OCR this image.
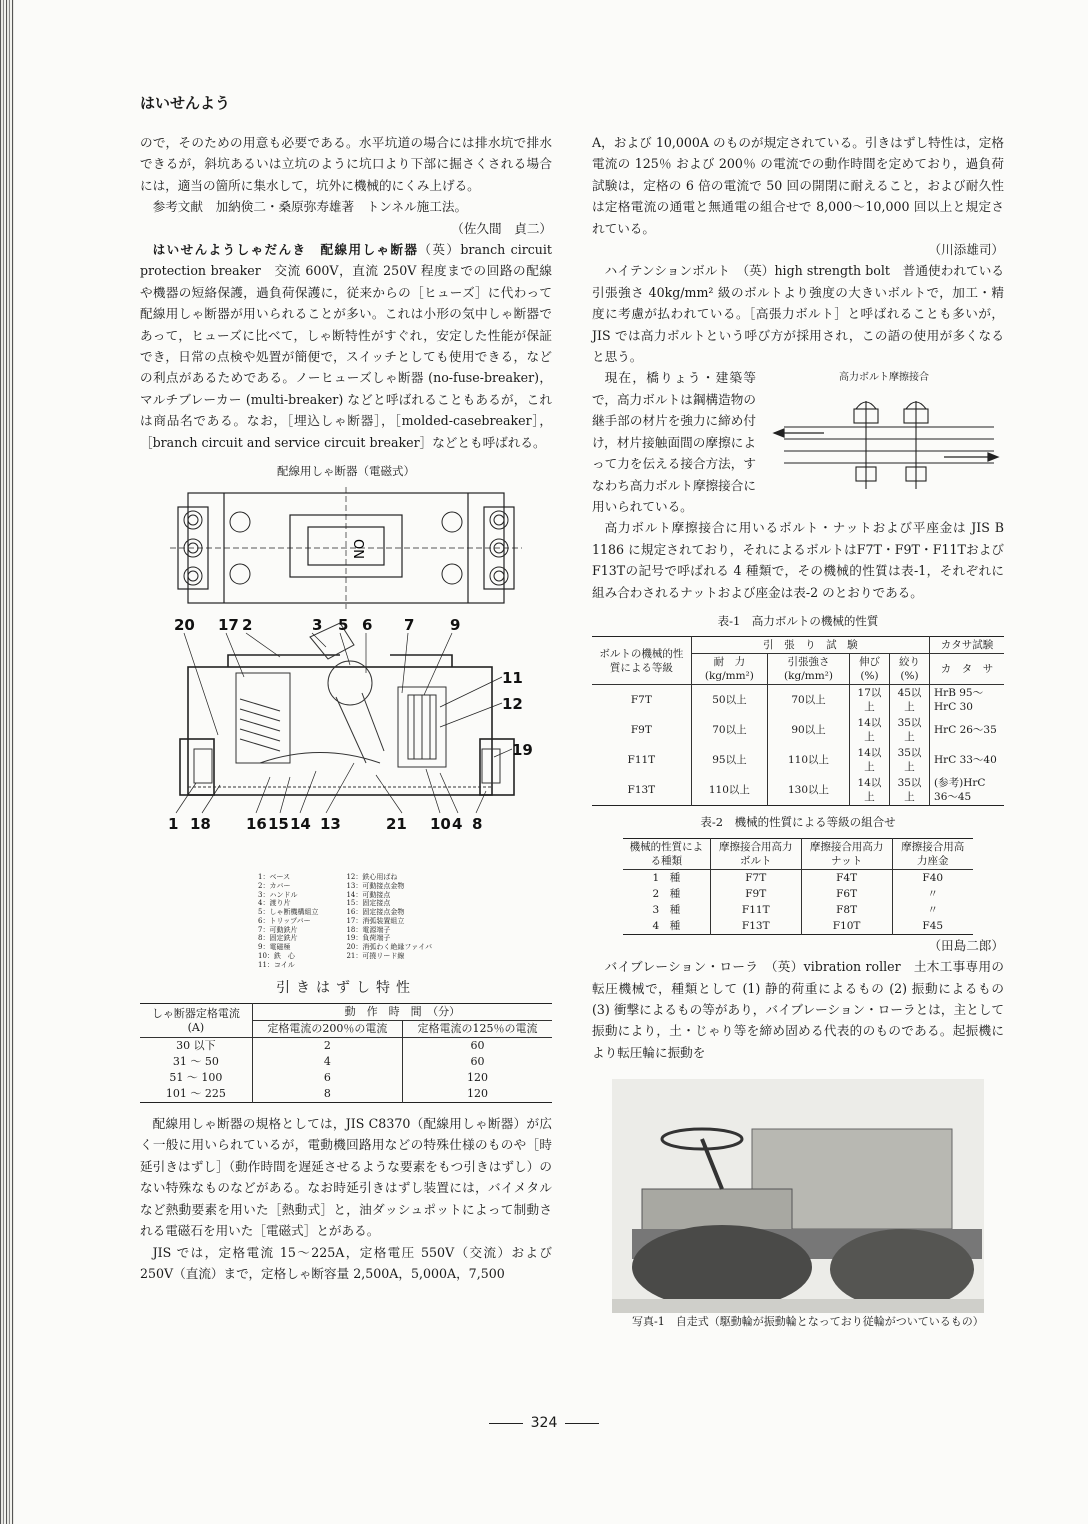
はいせんよう

ので，そのための用意も必要である。水平坑道の場合には排水坑で排水できるが，斜坑あるいは立坑のように坑口より下部に掘さくされる場合には，適当の箇所に集水して，坑外に機械的にくみ上げる。

参考文献　加納倹二・桑原弥寿雄著　トンネル施工法。

（佐久間　貞二）

はいせんようしゃだんき　配線用しゃ断器（英）branch circuit protection breaker　交流 600V，直流 250V 程度までの回路の配線や機器の短絡保護，過負荷保護に，従来からの［ヒューズ］に代わって配線用しゃ断器が用いられることが多い。これは小形の気中しゃ断器であって，ヒューズに比べて，しゃ断特性がすぐれ，安定した性能が保証でき，日常の点検や処置が簡便で，スイッチとしても使用できる，などの利点があるためである。ノーヒューズしゃ断器 (no-fuse-breaker)，マルチブレーカー (multi-breaker) などと呼ばれることもあるが，これは商品名である。なお，［埋込しゃ断器］，［molded-casebreaker］，［branch circuit and service circuit breaker］などとも呼ばれる。

配線用しゃ断器（電磁式）
ON
20 17 2	3 5 6 7 9
11
12
19
1 18 16 15 14 13	21 10 4 8
1：ベース
2：カバー
3：ハンドル
4：渡り片
5：しゃ断機構組立
6：トリップバー
7：可動鉄片
8：固定鉄片
9：電磁極
10：鉄　心
11：コイル
12：鉄心用ばね
13：可動接点金物
14：可動接点
15：固定接点
16：固定接点金物
17：消弧装置組立
18：電源端子
19：負荷端子
20：消弧わく絶縁ファイバ
21：可撓リード線
引きはずし特性
しゃ断器定格電流
(A)	動　作　時　間　（分）	
	定格電流の200％の電流	定格電流の125％の電流
30 以下	2	60
31 ～ 50	4	60
51 ～ 100	6	120
101 ～ 225	8	120

配線用しゃ断器の規格としては，JIS C8370（配線用しゃ断器）が広く一般に用いられているが，電動機回路用などの特殊仕様のものや［時延引きはずし］（動作時間を遅延させるような要素をもつ引きはずし）のない特殊なものなどがある。なお時延引きはずし装置には，バイメタルなど熱動要素を用いた［熱動式］と，油ダッシュポットによって制動される電磁石を用いた［電磁式］とがある。

JIS では，定格電流 15～225A，定格電圧 550V（交流）および 250V（直流）まで，定格しゃ断容量 2,500A，5,000A，7,500

A，および 10,000A のものが規定されている。引きはずし特性は，定格電流の 125％ および 200％ の電流での動作時間を定めており，過負荷試験は，定格の 6 倍の電流で 50 回の開閉に耐えること，および耐久性は定格電流の通電と無通電の組合せで 8,000～10,000 回以上と規定されている。

（川添雄司）

ハイテンションボルト　（英）high strength bolt　普通使われている引張強さ 40kg/mm² 級のボルトより強度の大きいボルトで，加工・精度に考慮が払われている。［高張力ボルト］と呼ばれることも多いが，JIS では高力ボルトという呼び方が採用され，この語の使用が多くなると思う。

高力ボルト摩擦接合

現在，橋りょう・建築等で，高力ボルトは鋼構造物の継手部の材片を強力に締め付け，材片接触面間の摩擦によって力を伝える接合方法，すなわち高力ボルト摩擦接合に用いられている。

高力ボルト摩擦接合に用いるボルト・ナットおよび平座金は JIS B 1186 に規定されており，それによるボルトはF7T・F9T・F11TおよびF13Tの記号で呼ばれる 4 種類で，その機械的性質は表-1，それぞれに組み合わされるナットおよび座金は表-2 のとおりである。

表-1　高力ボルトの機械的性質
ボルトの機械的性質による等級	引　張　り　試　験				カタサ試験
	耐　力 (kg/mm²)	引張強さ (kg/mm²)	伸び (%)	絞り (%)	カ　タ　サ
F7T	50以上	70以上	17以上	45以上	HrB 95～HrC 30
F9T	70以上	90以上	14以上	35以上	HrC 26～35
F11T	95以上	110以上	14以上	35以上	HrC 33～40
F13T	110以上	130以上	14以上	35以上	(参考)HrC 36～45
表-2　機械的性質による等級の組合せ
機械的性質による種類	摩擦接合用高力ボルト	摩擦接合用高力ナット	摩擦接合用高力座金
1　種	F7T	F4T	F40
2　種	F9T	F6T	〃
3　種	F11T	F8T	〃
4　種	F13T	F10T	F45
（田島二郎）

バイブレーション・ローラ　（英）vibration roller　土木工事専用の転圧機械で，種類として (1) 静的荷重によるもの (2) 振動によるもの (3) 衝撃によるもの等があり，バイブレーション・ローラとは，主として振動により，土・じゃり等を締め固める代表的のものである。起振機により転圧輪に振動を

写真-1　自走式（駆動輪が振動輪となっており従輪がついているもの）
324
